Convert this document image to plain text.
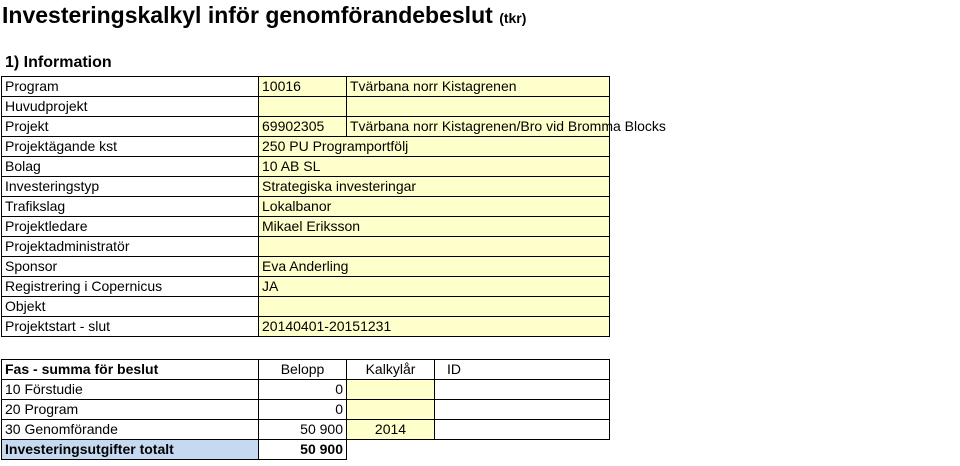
Investeringskalkyl inför genomförandebeslut (tkr)
1) Information
Program	10016	Tvärbana norr Kistagrenen
Huvudprojekt		
Projekt	69902305	Tvärbana norr Kistagrenen/Bro vid Bromma Blocks
Projektägande kst	250 PU Programportfölj	
Bolag	10 AB SL	
Investeringstyp	Strategiska investeringar	
Trafikslag	Lokalbanor	
Projektledare	Mikael Eriksson	
Projektadministratör		
Sponsor	Eva Anderling	
Registrering i Copernicus	JA	
Objekt		
Projektstart - slut	20140401-20151231	
Fas - summa för beslut	Belopp	Kalkylår	ID
10 Förstudie	0		
20 Program	0		
30 Genomförande	50 900	2014	
Investeringsutgifter totalt	50 900		
